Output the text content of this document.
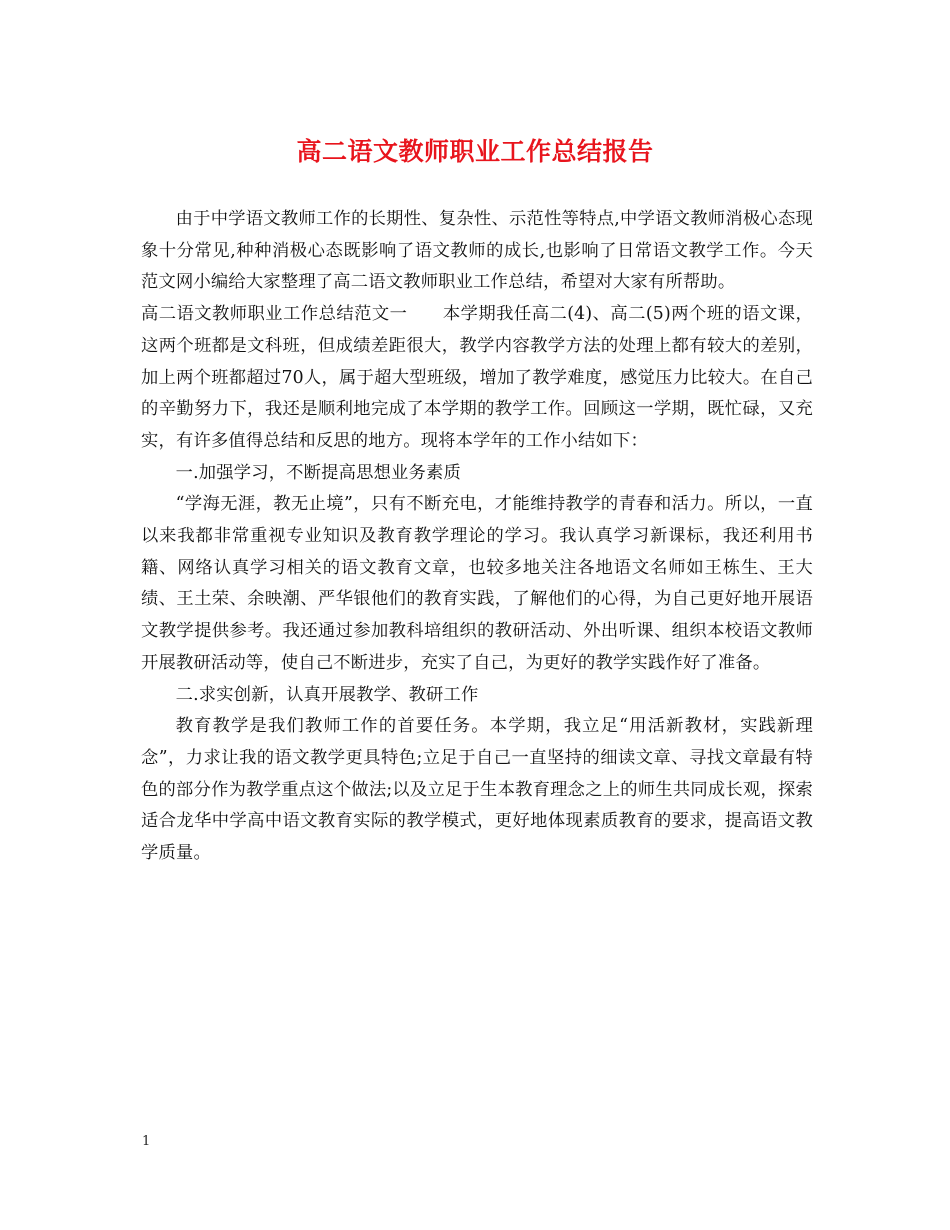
高二语文教师职业工作总结报告

由于中学语文教师工作的长期性、复杂性、示范性等特点,中学语文教师消极心态现象十分常见,种种消极心态既影响了语文教师的成长,也影响了日常语文教学工作。今天范文网小编给大家整理了高二语文教师职业工作总结，希望对大家有所帮助。

高二语文教师职业工作总结范文一　　本学期我任高二(4)、高二(5)两个班的语文课，这两个班都是文科班，但成绩差距很大，教学内容教学方法的处理上都有较大的差别，加上两个班都超过70人，属于超大型班级，增加了教学难度，感觉压力比较大。在自己的辛勤努力下，我还是顺利地完成了本学期的教学工作。回顾这一学期，既忙碌，又充实，有许多值得总结和反思的地方。现将本学年的工作小结如下：

一.加强学习，不断提高思想业务素质

“学海无涯，教无止境”，只有不断充电，才能维持教学的青春和活力。所以，一直以来我都非常重视专业知识及教育教学理论的学习。我认真学习新课标，我还利用书籍、网络认真学习相关的语文教育文章，也较多地关注各地语文名师如王栋生、王大绩、王土荣、余映潮、严华银他们的教育实践，了解他们的心得，为自己更好地开展语文教学提供参考。我还通过参加教科培组织的教研活动、外出听课、组织本校语文教师开展教研活动等，使自己不断进步，充实了自己，为更好的教学实践作好了准备。

二.求实创新，认真开展教学、教研工作

教育教学是我们教师工作的首要任务。本学期，我立足“用活新教材，实践新理念”，力求让我的语文教学更具特色;立足于自己一直坚持的细读文章、寻找文章最有特色的部分作为教学重点这个做法;以及立足于生本教育理念之上的师生共同成长观，探索适合龙华中学高中语文教育实际的教学模式，更好地体现素质教育的要求，提高语文教学质量。

1
